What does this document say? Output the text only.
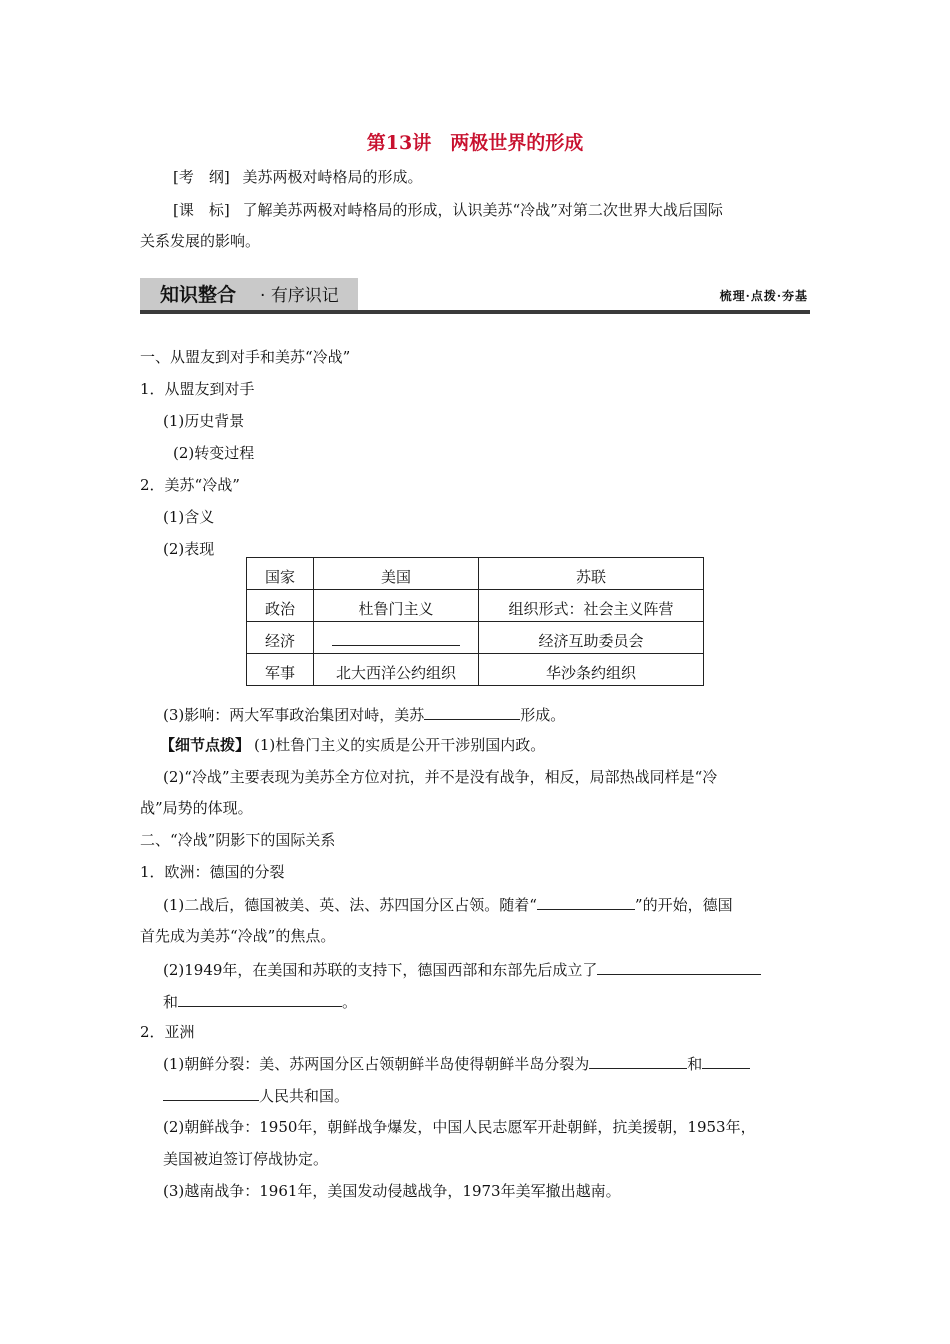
第13讲　两极世界的形成
[考　纲] 美苏两极对峙格局的形成。
[课　标] 了解美苏两极对峙格局的形成，认识美苏“冷战”对第二次世界大战后国际
关系发展的影响。
知识整合 · 有序识记	梳理·点拨·夯基
一、从盟友到对手和美苏“冷战”
1．从盟友到对手
(1)历史背景
(2)转变过程
2．美苏“冷战”
(1)含义
(2)表现
国家	美国	苏联

政治	杜鲁门主义	组织形式：社会主义阵营

经济		经济互助委员会

军事	北大西洋公约组织	华沙条约组织
(3)影响：两大军事政治集团对峙，美苏	形成。
【细节点拨】 (1)杜鲁门主义的实质是公开干涉别国内政。
(2)“冷战”主要表现为美苏全方位对抗，并不是没有战争，相反，局部热战同样是“冷
战”局势的体现。
二、“冷战”阴影下的国际关系
1．欧洲：德国的分裂
(1)二战后，德国被美、英、法、苏四国分区占领。随着“	”的开始，德国
首先成为美苏“冷战”的焦点。
(2)1949年，在美国和苏联的支持下，德国西部和东部先后成立了
和	。
2．亚洲
(1)朝鲜分裂：美、苏两国分区占领朝鲜半岛使得朝鲜半岛分裂为	和
人民共和国。
(2)朝鲜战争：1950年，朝鲜战争爆发，中国人民志愿军开赴朝鲜，抗美援朝，1953年，
美国被迫签订停战协定。
(3)越南战争：1961年，美国发动侵越战争，1973年美军撤出越南。
